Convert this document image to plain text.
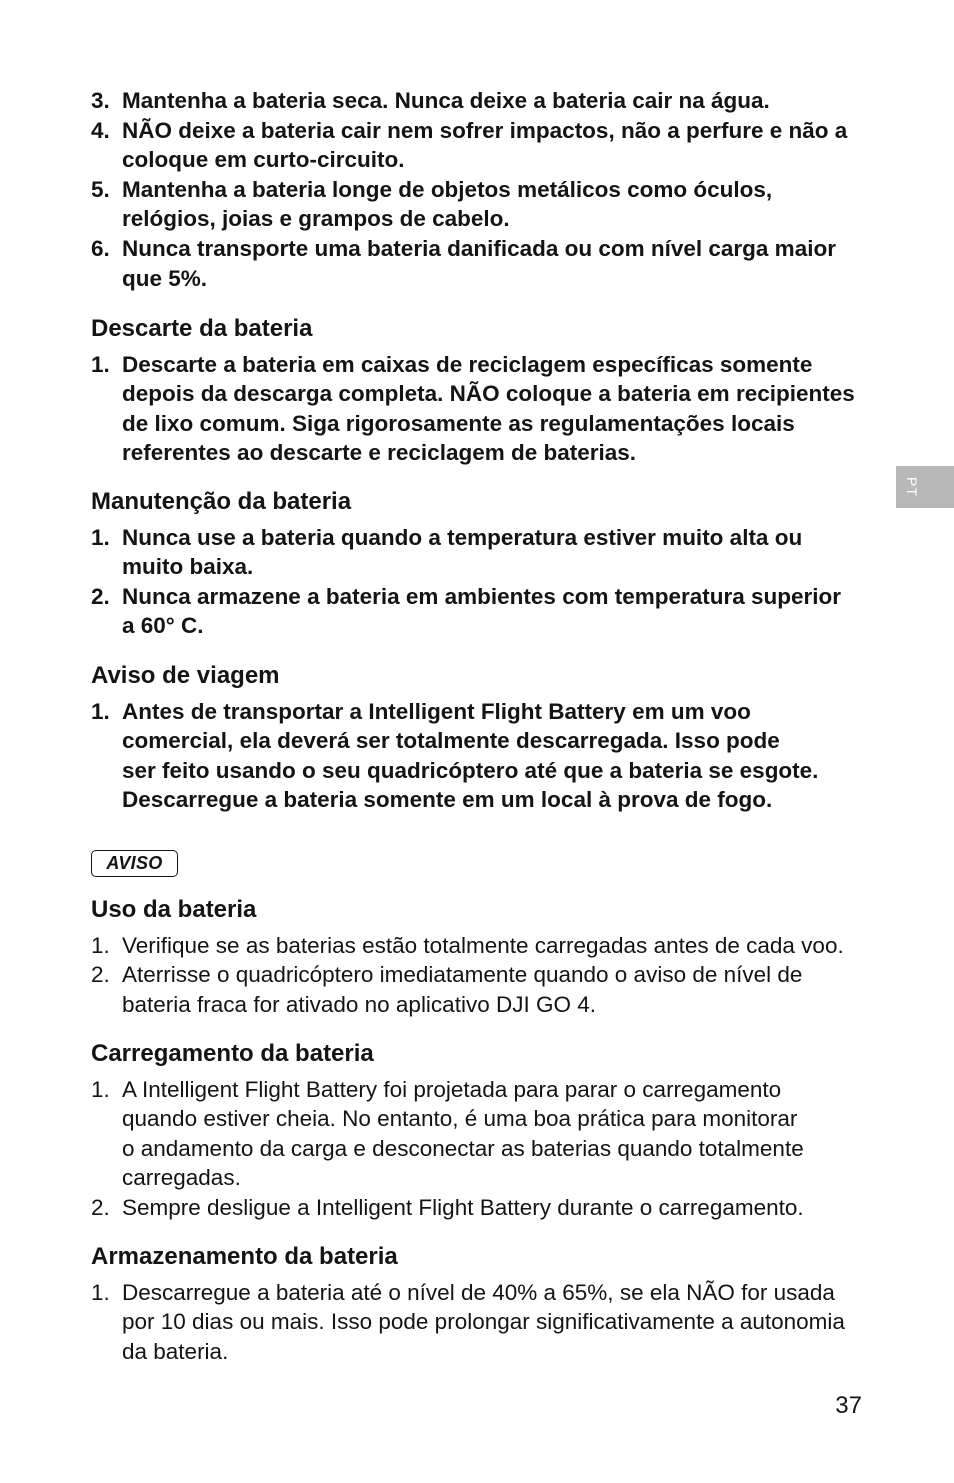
3. Mantenha a bateria seca. Nunca deixe a bateria cair na água.
4. NÃO deixe a bateria cair nem sofrer impactos, não a perfure e não a
coloque em curto-circuito.
5. Mantenha a bateria longe de objetos metálicos como óculos,
relógios, joias e grampos de cabelo.
6. Nunca transporte uma bateria danificada ou com nível carga maior
que 5%.
Descarte da bateria
1. Descarte a bateria em caixas de reciclagem específicas somente
depois da descarga completa. NÃO coloque a bateria em recipientes
de lixo comum. Siga rigorosamente as regulamentações locais
referentes ao descarte e reciclagem de baterias.
Manutenção da bateria
1. Nunca use a bateria quando a temperatura estiver muito alta ou
muito baixa.
2. Nunca armazene a bateria em ambientes com temperatura superior
a 60° C.
Aviso de viagem
1. Antes de transportar a Intelligent Flight Battery em um voo
comercial, ela deverá ser totalmente descarregada. Isso pode
ser feito usando o seu quadricóptero até que a bateria se esgote.
Descarregue a bateria somente em um local à prova de fogo.
AVISO
Uso da bateria
1. Verifique se as baterias estão totalmente carregadas antes de cada voo.
2. Aterrisse o quadricóptero imediatamente quando o aviso de nível de
bateria fraca for ativado no aplicativo DJI GO 4.
Carregamento da bateria
1. A Intelligent Flight Battery foi projetada para parar o carregamento
quando estiver cheia. No entanto, é uma boa prática para monitorar
o andamento da carga e desconectar as baterias quando totalmente
carregadas.
2. Sempre desligue a Intelligent Flight Battery durante o carregamento.
Armazenamento da bateria
1. Descarregue a bateria até o nível de 40% a 65%, se ela NÃO for usada
por 10 dias ou mais. Isso pode prolongar significativamente a autonomia
da bateria.
37
PT
